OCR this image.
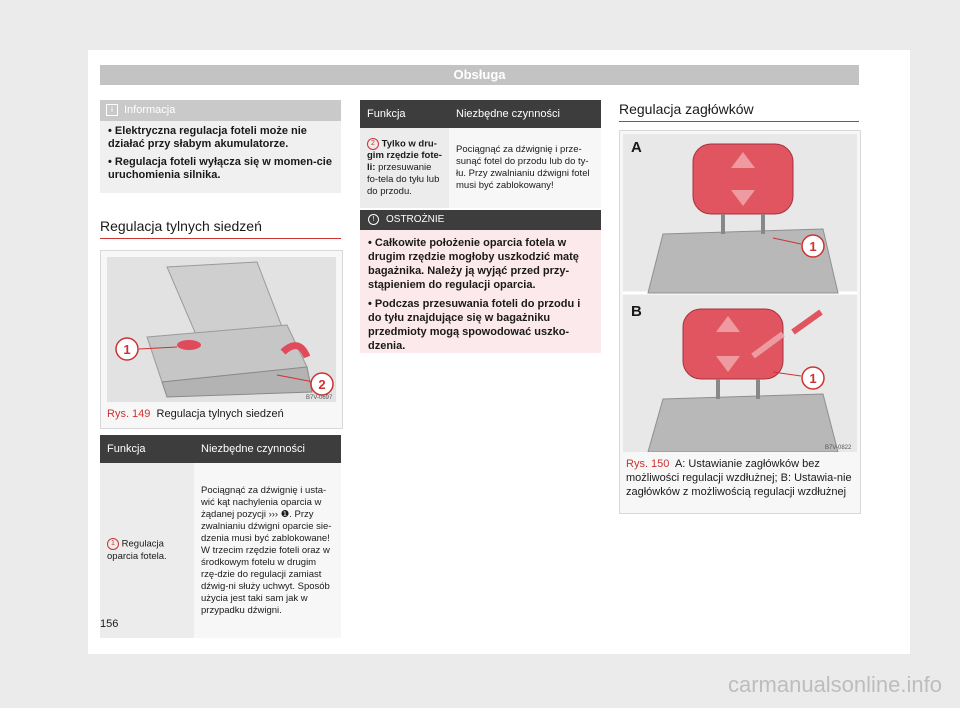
Obsługa
i Informacja

• Elektryczna regulacja foteli może nie działać przy słabym akumulatorze.

• Regulacja foteli wyłącza się w momen-cie uruchomienia silnika.

Regulacja tylnych siedzeń
1
2
B7V-0697
Rys. 149 Regulacja tylnych siedzeń
Funkcja	Niezbędne czynności
1 Regulacja oparcia fotela.	Pociągnąć za dźwignię i usta-wić kąt nachylenia oparcia w żądanej pozycji ››› ❶. Przy zwalnianiu dźwigni oparcie sie-dzenia musi być zablokowane! W trzecim rzędzie foteli oraz w środkowym fotelu w drugim rzę-dzie do regulacji zamiast dźwig-ni służy uchwyt. Sposób użycia jest taki sam jak w przypadku dźwigni.
Funkcja	Niezbędne czynności
2 Tylko w dru-gim rzędzie fote-li: przesuwanie fo-tela do tyłu lub do przodu.	Pociągnąć za dźwignię i prze-sunąć fotel do przodu lub do ty-łu. Przy zwalnianiu dźwigni fotel musi być zablokowany!
! OSTROŻNIE

• Całkowite położenie oparcia fotela w drugim rzędzie mogłoby uszkodzić matę bagażnika. Należy ją wyjąć przed przy-stąpieniem do regulacji oparcia.

• Podczas przesuwania foteli do przodu i do tyłu znajdujące się w bagażniku przedmioty mogą spowodować uszko-dzenia.

Regulacja zagłówków
1
A
1
B
B7V-0822
Rys. 150 A: Ustawianie zagłówków bez możliwości regulacji wzdłużnej; B: Ustawia-nie zagłówków z możliwością regulacji wzdłużnej
156
carmanualsonline.info
